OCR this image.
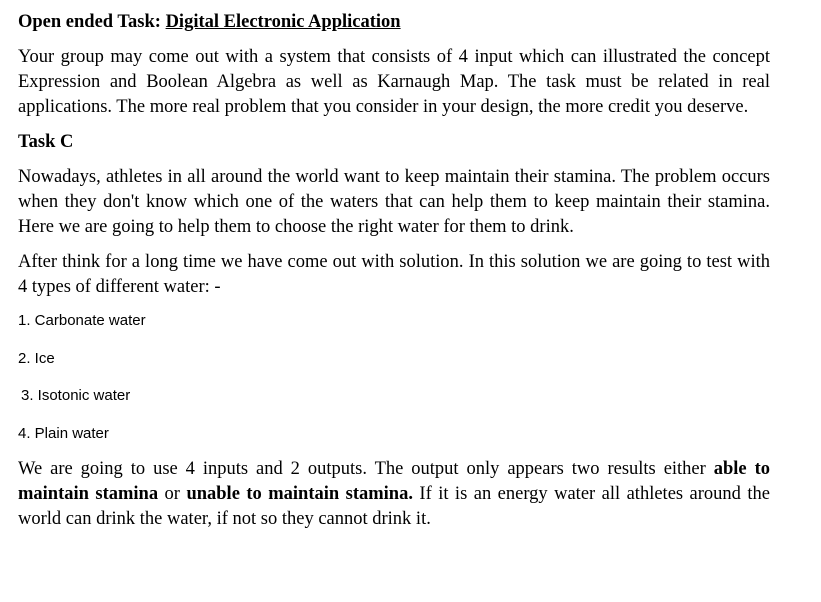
Open ended Task: Digital Electronic Application

Your group may come out with a system that consists of 4 input which can illustrated the concept Expression and Boolean Algebra as well as Karnaugh Map. The task must be related in real applications. The more real problem that you consider in your design, the more credit you deserve.

Task C

Nowadays, athletes in all around the world want to keep maintain their stamina. The problem occurs when they don't know which one of the waters that can help them to keep maintain their stamina. Here we are going to help them to choose the right water for them to drink.

After think for a long time we have come out with solution. In this solution we are going to test with 4 types of different water: -

1. Carbonate water
2. Ice
3. Isotonic water
4. Plain water

We are going to use 4 inputs and 2 outputs. The output only appears two results either able to maintain stamina or unable to maintain stamina. If it is an energy water all athletes around the world can drink the water, if not so they cannot drink it.
